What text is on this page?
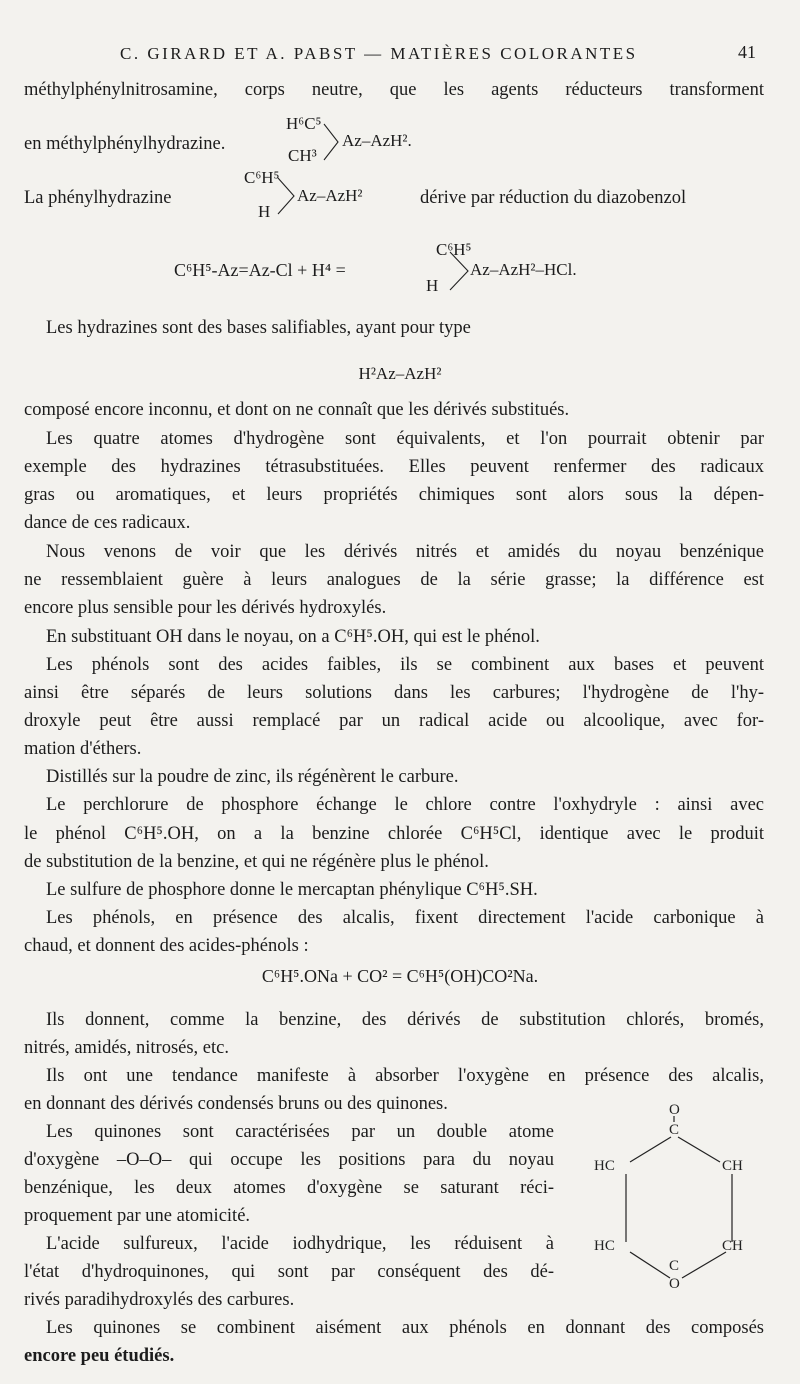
C. GIRARD ET A. PABST — MATIÈRES COLORANTES	41
méthylphénylnitrosamine, corps neutre, que les agents réducteurs transforment
en méthylphénylhydrazine.
H⁶C⁵
CH³
Az–AzH².
La phénylhydrazine
C⁶H⁵
H
Az–AzH²	dérive par réduction du diazobenzol
C⁶H⁵-Az=Az-Cl + H⁴ =
C⁶H⁵
H
Az–AzH²–HCl.
Les hydrazines sont des bases salifiables, ayant pour type
H²Az–AzH²
composé encore inconnu, et dont on ne connaît que les dérivés substitués.
Les quatre atomes d'hydrogène sont équivalents, et l'on pourrait obtenir par
exemple des hydrazines tétrasubstituées. Elles peuvent renfermer des radicaux
gras ou aromatiques, et leurs propriétés chimiques sont alors sous la dépen-
dance de ces radicaux.
Nous venons de voir que les dérivés nitrés et amidés du noyau benzénique
ne ressemblaient guère à leurs analogues de la série grasse; la différence est
encore plus sensible pour les dérivés hydroxylés.
En substituant OH dans le noyau, on a C⁶H⁵.OH, qui est le phénol.
Les phénols sont des acides faibles, ils se combinent aux bases et peuvent
ainsi être séparés de leurs solutions dans les carbures; l'hydrogène de l'hy-
droxyle peut être aussi remplacé par un radical acide ou alcoolique, avec for-
mation d'éthers.
Distillés sur la poudre de zinc, ils régénèrent le carbure.
Le perchlorure de phosphore échange le chlore contre l'oxhydryle : ainsi avec
le phénol C⁶H⁵.OH, on a la benzine chlorée C⁶H⁵Cl, identique avec le produit
de substitution de la benzine, et qui ne régénère plus le phénol.
Le sulfure de phosphore donne le mercaptan phénylique C⁶H⁵.SH.
Les phénols, en présence des alcalis, fixent directement l'acide carbonique à
chaud, et donnent des acides-phénols :
C⁶H⁵.ONa + CO² = C⁶H⁵(OH)CO²Na.
Ils donnent, comme la benzine, des dérivés de substitution chlorés, bromés,
nitrés, amidés, nitrosés, etc.
Ils ont une tendance manifeste à absorber l'oxygène en présence des alcalis,
en donnant des dérivés condensés bruns ou des quinones.
Les quinones sont caractérisées par un double atome
d'oxygène –O–O– qui occupe les positions para du noyau
benzénique, les deux atomes d'oxygène se saturant réci-
proquement par une atomicité.
L'acide sulfureux, l'acide iodhydrique, les réduisent à
l'état d'hydroquinones, qui sont par conséquent des dé-
rivés paradihydroxylés des carbures.
Les quinones se combinent aisément aux phénols en donnant des composés
encore peu étudiés.
O
C
HC	CH
HC	CH
C
O
